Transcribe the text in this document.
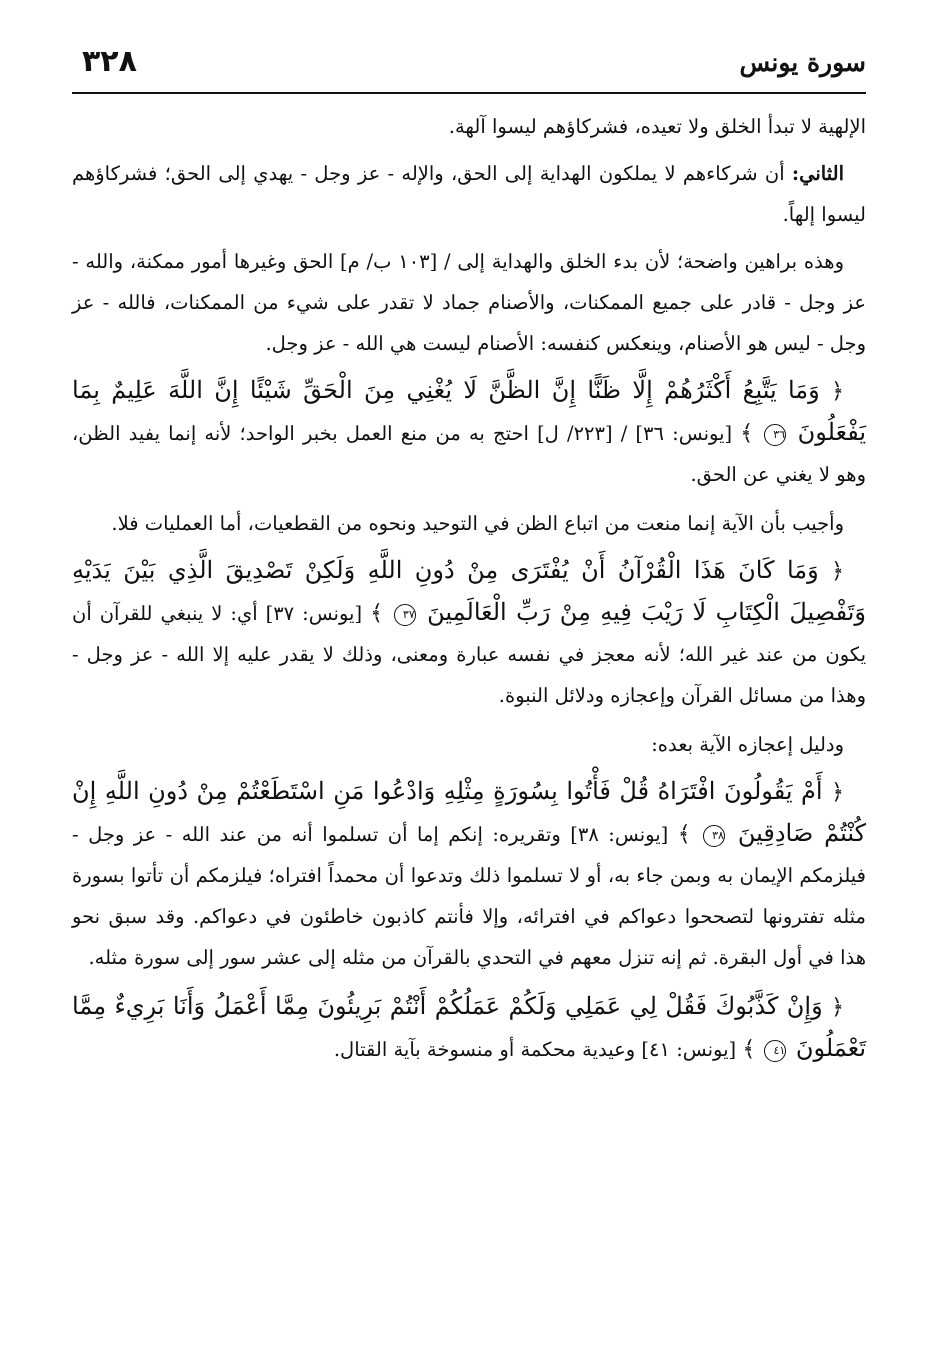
سورة يونس
٣٢٨

الإلهية لا تبدأ الخلق ولا تعيده، فشركاؤهم ليسوا آلهة.

الثاني: أن شركاءهم لا يملكون الهداية إلى الحق، والإله - عز وجل - يهدي إلى الحق؛ فشركاؤهم ليسوا إلهاً.

وهذه براهين واضحة؛ لأن بدء الخلق والهداية إلى / [١٠٣ ب/ م] الحق وغيرها أمور ممكنة، والله - عز وجل - قادر على جميع الممكنات، والأصنام جماد لا تقدر على شيء من الممكنات، فالله - عز وجل - ليس هو الأصنام، وينعكس كنفسه: الأصنام ليست هي الله - عز وجل.

﴿ وَمَا يَتَّبِعُ أَكْثَرُهُمْ إِلَّا ظَنًّا إِنَّ الظَّنَّ لَا يُغْنِي مِنَ الْحَقِّ شَيْئًا إِنَّ اللَّهَ عَلِيمٌ بِمَا يَفْعَلُونَ ٣٦ ﴾ [يونس: ٣٦] / [٢٢٣/ ل] احتج به من منع العمل بخبر الواحد؛ لأنه إنما يفيد الظن، وهو لا يغني عن الحق.

وأجيب بأن الآية إنما منعت من اتباع الظن في التوحيد ونحوه من القطعيات، أما العمليات فلا.

﴿ وَمَا كَانَ هَذَا الْقُرْآنُ أَنْ يُفْتَرَى مِنْ دُونِ اللَّهِ وَلَكِنْ تَصْدِيقَ الَّذِي بَيْنَ يَدَيْهِ وَتَفْصِيلَ الْكِتَابِ لَا رَيْبَ فِيهِ مِنْ رَبِّ الْعَالَمِينَ ٣٧ ﴾ [يونس: ٣٧] أي: لا ينبغي للقرآن أن يكون من عند غير الله؛ لأنه معجز في نفسه عبارة ومعنى، وذلك لا يقدر عليه إلا الله - عز وجل - وهذا من مسائل القرآن وإعجازه ودلائل النبوة.

ودليل إعجازه الآية بعده:

﴿ أَمْ يَقُولُونَ افْتَرَاهُ قُلْ فَأْتُوا بِسُورَةٍ مِثْلِهِ وَادْعُوا مَنِ اسْتَطَعْتُمْ مِنْ دُونِ اللَّهِ إِنْ كُنْتُمْ صَادِقِينَ ٣٨ ﴾ [يونس: ٣٨] وتقريره: إنكم إما أن تسلموا أنه من عند الله - عز وجل - فيلزمكم الإيمان به وبمن جاء به، أو لا تسلموا ذلك وتدعوا أن محمداً افتراه؛ فيلزمكم أن تأتوا بسورة مثله تفترونها لتصححوا دعواكم في افترائه، وإلا فأنتم كاذبون خاطئون في دعواكم. وقد سبق نحو هذا في أول البقرة. ثم إنه تنزل معهم في التحدي بالقرآن من مثله إلى عشر سور إلى سورة مثله.

﴿ وَإِنْ كَذَّبُوكَ فَقُلْ لِي عَمَلِي وَلَكُمْ عَمَلُكُمْ أَنْتُمْ بَرِيئُونَ مِمَّا أَعْمَلُ وَأَنَا بَرِيءٌ مِمَّا تَعْمَلُونَ ٤١ ﴾ [يونس: ٤١] وعيدية محكمة أو منسوخة بآية القتال.
